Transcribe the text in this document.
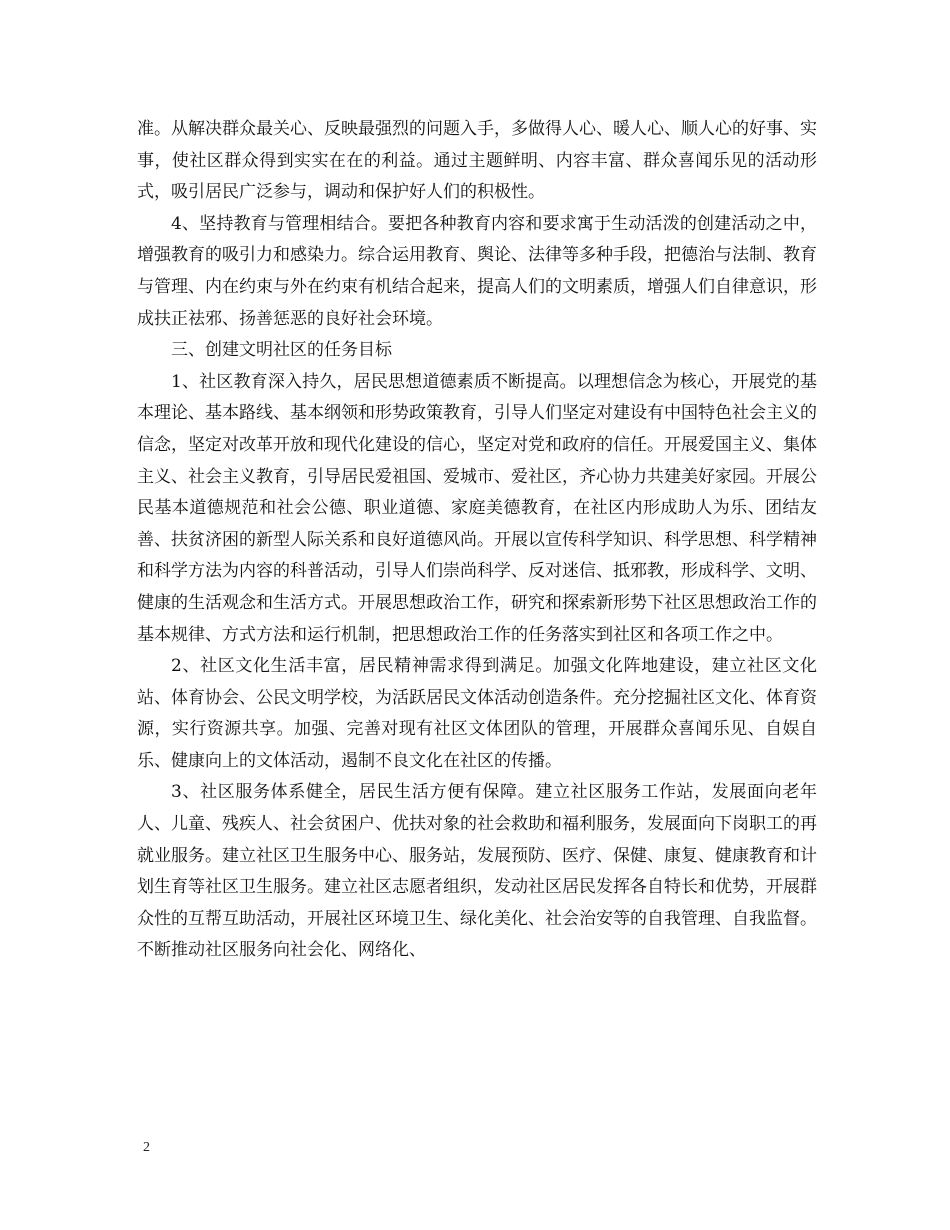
准。从解决群众最关心、反映最强烈的问题入手，多做得人心、暖人心、顺人心的好事、实事，使社区群众得到实实在在的利益。通过主题鲜明、内容丰富、群众喜闻乐见的活动形式，吸引居民广泛参与，调动和保护好人们的积极性。

4、坚持教育与管理相结合。要把各种教育内容和要求寓于生动活泼的创建活动之中，增强教育的吸引力和感染力。综合运用教育、舆论、法律等多种手段，把德治与法制、教育与管理、内在约束与外在约束有机结合起来，提高人们的文明素质，增强人们自律意识，形成扶正祛邪、扬善惩恶的良好社会环境。

三、创建文明社区的任务目标

1、社区教育深入持久，居民思想道德素质不断提高。以理想信念为核心，开展党的基本理论、基本路线、基本纲领和形势政策教育，引导人们坚定对建设有中国特色社会主义的信念，坚定对改革开放和现代化建设的信心，坚定对党和政府的信任。开展爱国主义、集体主义、社会主义教育，引导居民爱祖国、爱城市、爱社区，齐心协力共建美好家园。开展公民基本道德规范和社会公德、职业道德、家庭美德教育，在社区内形成助人为乐、团结友善、扶贫济困的新型人际关系和良好道德风尚。开展以宣传科学知识、科学思想、科学精神和科学方法为内容的科普活动，引导人们崇尚科学、反对迷信、抵邪教，形成科学、文明、健康的生活观念和生活方式。开展思想政治工作，研究和探索新形势下社区思想政治工作的基本规律、方式方法和运行机制，把思想政治工作的任务落实到社区和各项工作之中。

2、社区文化生活丰富，居民精神需求得到满足。加强文化阵地建设，建立社区文化站、体育协会、公民文明学校，为活跃居民文体活动创造条件。充分挖掘社区文化、体育资源，实行资源共享。加强、完善对现有社区文体团队的管理，开展群众喜闻乐见、自娱自乐、健康向上的文体活动，遏制不良文化在社区的传播。

3、社区服务体系健全，居民生活方便有保障。建立社区服务工作站，发展面向老年人、儿童、残疾人、社会贫困户、优扶对象的社会救助和福利服务，发展面向下岗职工的再就业服务。建立社区卫生服务中心、服务站，发展预防、医疗、保健、康复、健康教育和计划生育等社区卫生服务。建立社区志愿者组织，发动社区居民发挥各自特长和优势，开展群众性的互帮互助活动，开展社区环境卫生、绿化美化、社会治安等的自我管理、自我监督。不断推动社区服务向社会化、网络化、

2
